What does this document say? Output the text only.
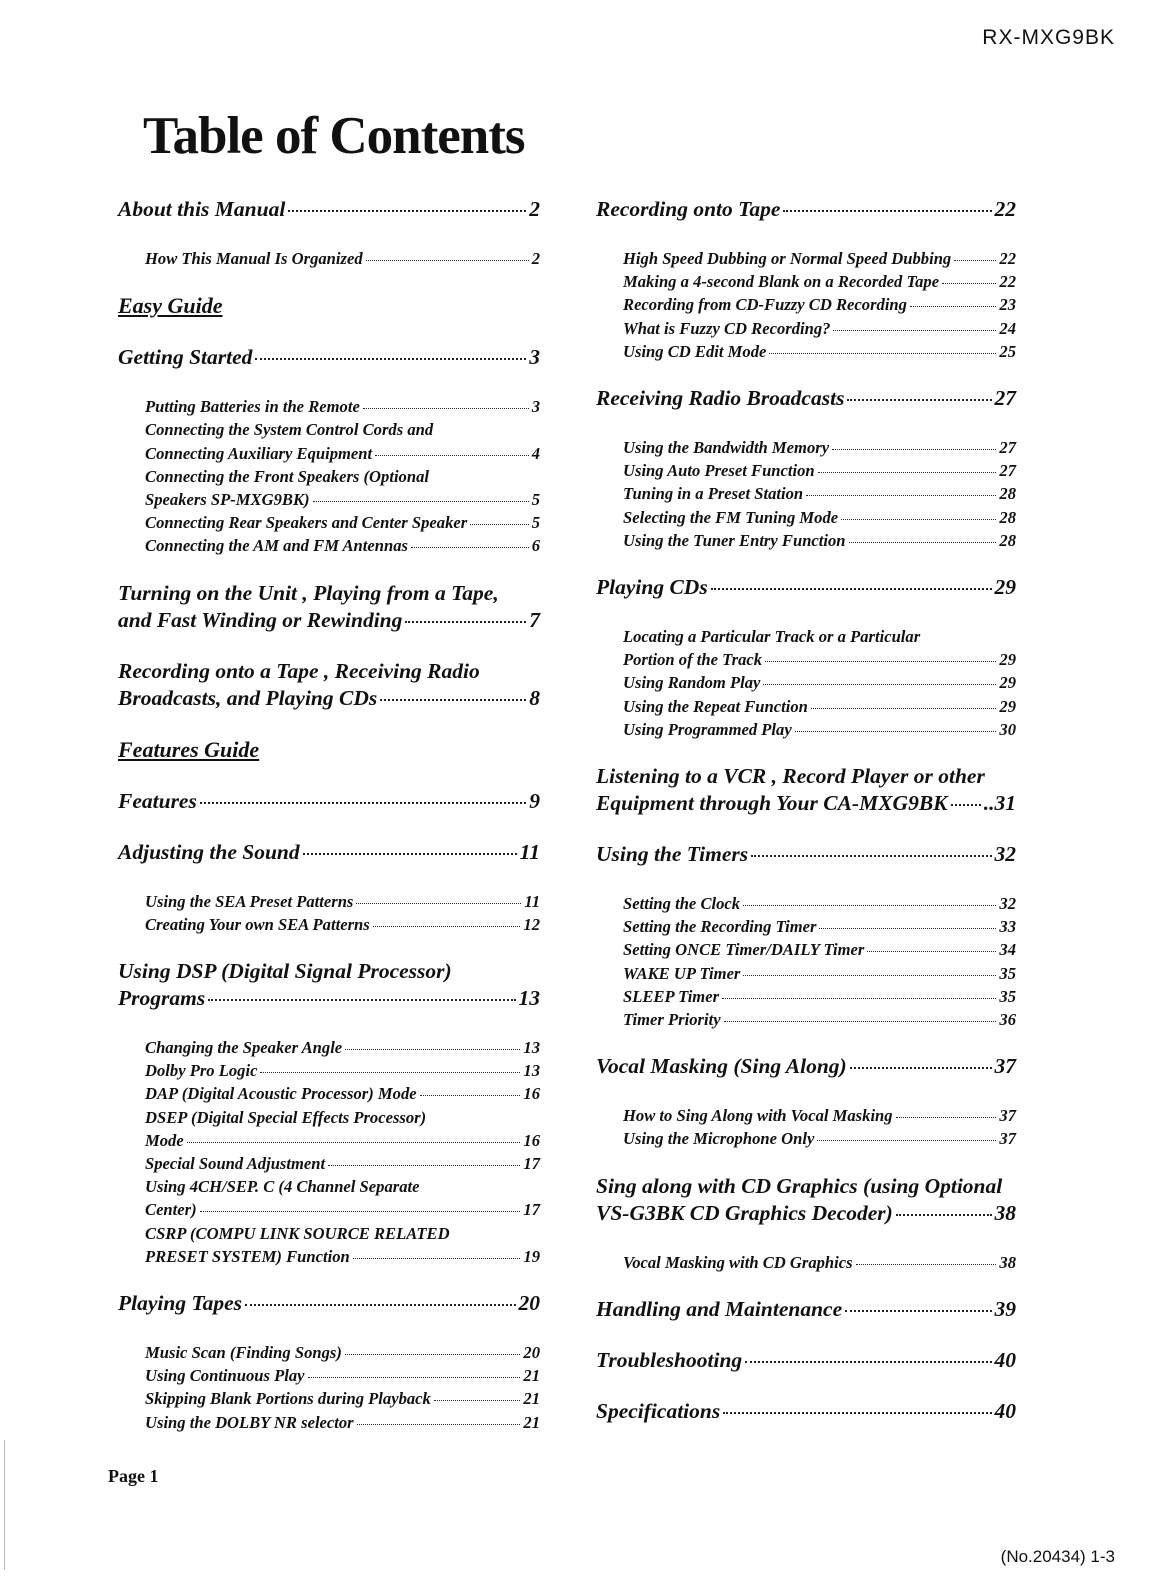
RX-MXG9BK
Table of Contents
About this Manual	2
How This Manual Is Organized	2
Easy Guide
Getting Started	3
Putting Batteries in the Remote	3
Connecting the System Control Cords and
Connecting Auxiliary Equipment	4
Connecting the Front Speakers (Optional
Speakers SP-MXG9BK)	5
Connecting Rear Speakers and Center Speaker	5
Connecting the AM and FM Antennas	6
Turning on the Unit , Playing from a Tape,
and Fast Winding or Rewinding	7
Recording onto a Tape , Receiving Radio
Broadcasts, and Playing CDs	8
Features Guide
Features	9
Adjusting the Sound	11
Using the SEA Preset Patterns	11
Creating Your own SEA Patterns	12
Using DSP (Digital Signal Processor)
Programs	13
Changing the Speaker Angle	13
Dolby Pro Logic	13
DAP (Digital Acoustic Processor) Mode	16
DSEP (Digital Special Effects Processor)
Mode	16
Special Sound Adjustment	17
Using 4CH/SEP. C (4 Channel Separate
Center)	17
CSRP (COMPU LINK SOURCE RELATED
PRESET SYSTEM) Function	19
Playing Tapes	20
Music Scan (Finding Songs)	20
Using Continuous Play	21
Skipping Blank Portions during Playback	21
Using the DOLBY NR selector	21
Recording onto Tape	22
High Speed Dubbing or Normal Speed Dubbing	22
Making a 4-second Blank on a Recorded Tape	22
Recording from CD-Fuzzy CD Recording	23
What is Fuzzy CD Recording?	24
Using CD Edit Mode	25
Receiving Radio Broadcasts	27
Using the Bandwidth Memory	27
Using Auto Preset Function	27
Tuning in a Preset Station	28
Selecting the FM Tuning Mode	28
Using the Tuner Entry Function	28
Playing CDs	29
Locating a Particular Track or a Particular
Portion of the Track	29
Using Random Play	29
Using the Repeat Function	29
Using Programmed Play	30
Listening to a VCR , Record Player or other
Equipment through Your CA-MXG9BK ..31
Using the Timers	32
Setting the Clock	32
Setting the Recording Timer	33
Setting ONCE Timer/DAILY Timer	34
WAKE UP Timer	35
SLEEP Timer	35
Timer Priority	36
Vocal Masking (Sing Along)	37
How to Sing Along with Vocal Masking	37
Using the Microphone Only	37
Sing along with CD Graphics (using Optional
VS-G3BK CD Graphics Decoder)	38
Vocal Masking with CD Graphics	38
Handling and Maintenance	39
Troubleshooting	40
Specifications	40
Page 1
(No.20434) 1-3
